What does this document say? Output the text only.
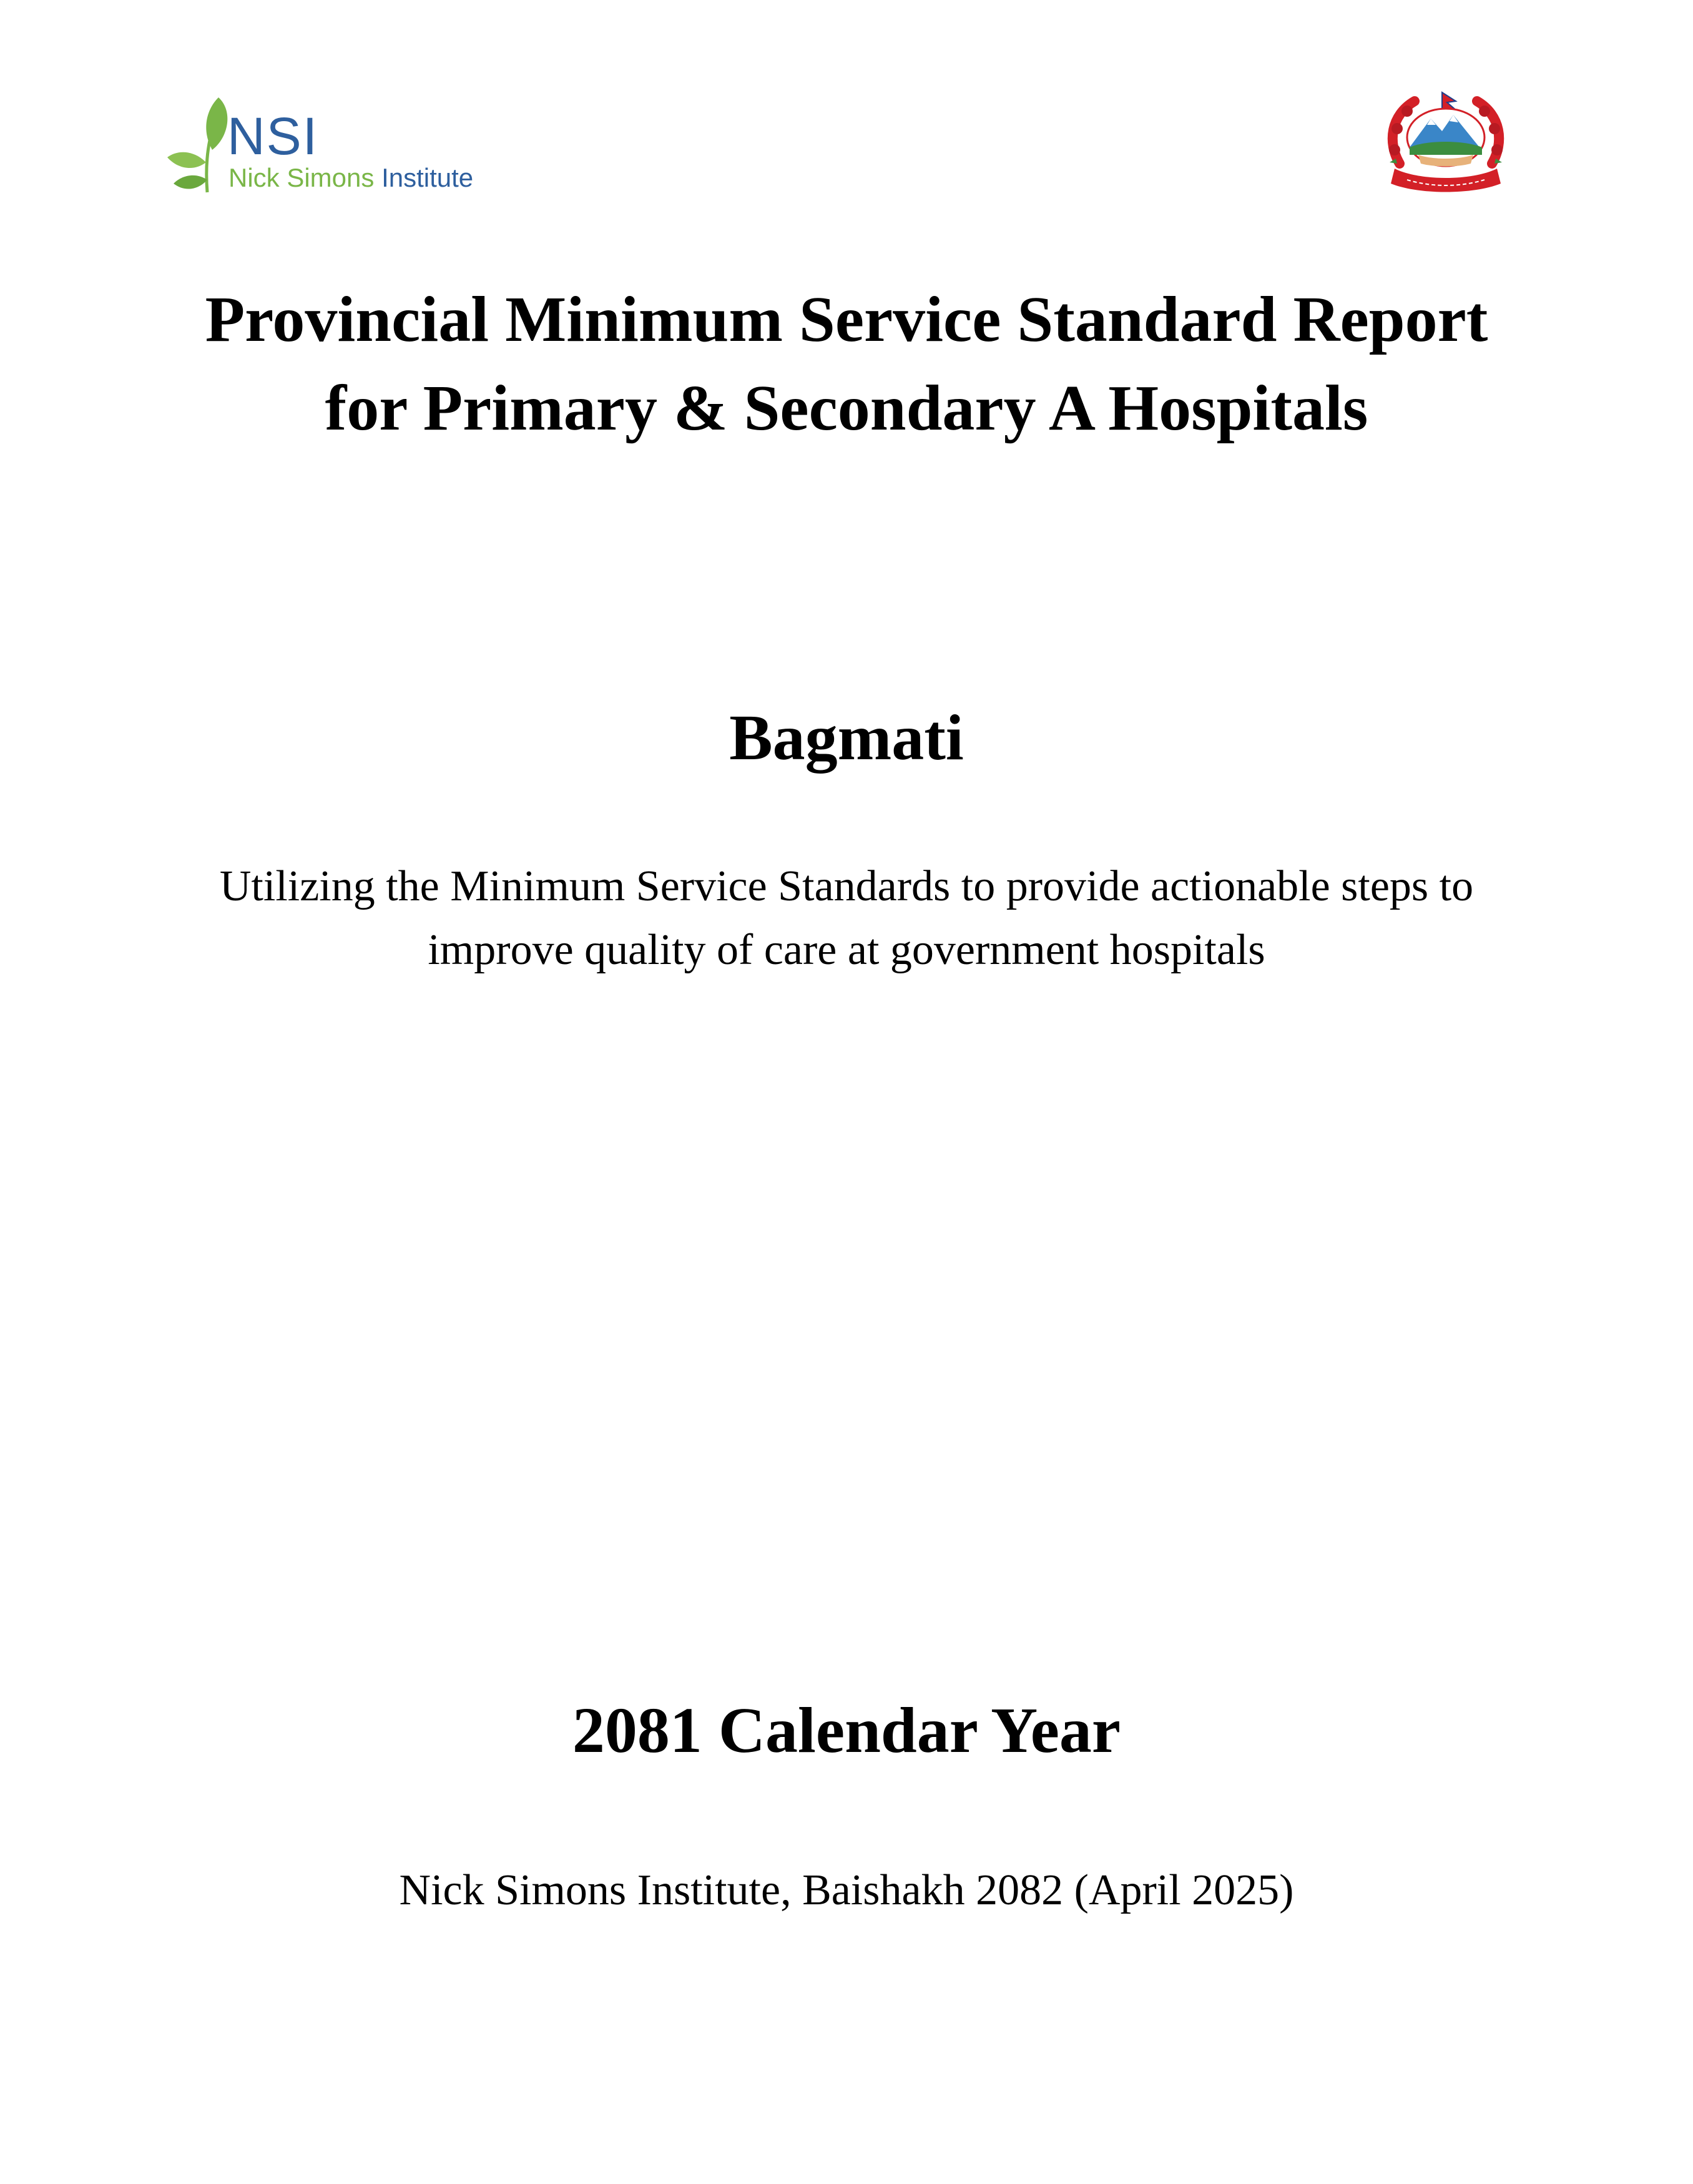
NSI
Nick Simons Institute
Provincial Minimum Service Standard Report
for Primary & Secondary A Hospitals
Bagmati
Utilizing the Minimum Service Standards to provide actionable steps to
improve quality of care at government hospitals
2081 Calendar Year
Nick Simons Institute, Baishakh 2082 (April 2025)
